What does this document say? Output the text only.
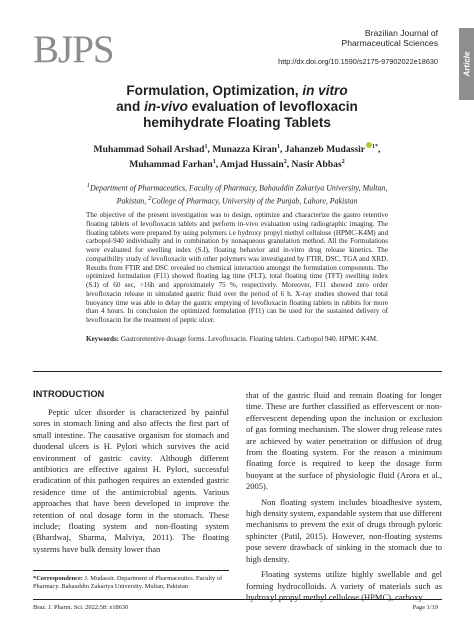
BJPS	Brazilian Journal of
Pharmaceutical Sciences
http://dx.doi.org/10.1590/s2175-97902022e18630	Article
Formulation, Optimization, in vitro
and in-vivo evaluation of levofloxacin
hemihydrate Floating Tablets
Muhammad Sohail Arshad$^1$, Munazza Kiran$^1$, Jahanzeb Mudassir $^{1*}$,
Muhammad Farhan$^1$, Amjad Hussain$^2$, Nasir Abbas$^2$
$^1$Department of Pharmaceutics, Faculty of Pharmacy, Bahauddin Zakariya University, Multan, Pakistan, $^2$College of Pharmacy, University of the Punjab, Lahore, Pakistan
The objective of the present investigation was to design, optimize and characterize the gastro retentive floating tablets of levofloxacin tablets and perform in-vivo evaluation using radiographic imaging. The floating tablets were prepared by using polymers i.e hydroxy propyl methyl cellulose (HPMC-K4M) and carbopol-940 individually and in combination by nonaqueous granulation method. All the Formulations were evaluated for swelling index (S.I), floating behavior and in-vitro drug release kinetics. The compatibility study of levofloxacin with other polymers was investigated by FTIR, DSC, TGA and XRD. Results from FTIR and DSC revealed no chemical interaction amongst the formulation components. The optimized formulation (F11) showed floating lag time (FLT), total floating time (TFT) swelling index (S.I) of 60 sec, >16h and approximately 75 %, respectively. Moreover, F11 showed zero order levofloxacin release in simulated gastric fluid over the period of 6 h. X-ray studies showed that total buoyancy time was able to delay the gastric emptying of levofloxacin floating tablets in rabbits for more than 4 hours. In conclusion the optimized formulation (F11) can be used for the sustained delivery of levofloxacin for the treatment of peptic ulcer.
Keywords: Gastroretentive dosage forms. Levofloxacin. Floating tablets. Carbopol 940. HPMC K4M.
INTRODUCTION

Peptic ulcer disorder is characterized by painful sores in stomach lining and also affects the first part of small intestine. The causative organism for stomach and duodenal ulcers is H. Pylori which survives the acid environment of gastric cavity. Although different antibiotics are effective against H. Pylori, successful eradication of this pathogen requires an extended gastric residence time of the antimicrobial agents. Various approaches that have been developed to improve the retention of oral dosage form in the stomach. These include; floating system and non-floating system (Bhardwaj, Sharma, Malviya, 2011). The floating systems have bulk density lower than

that of the gastric fluid and remain floating for longer time. These are further classified as effervescent or non-effervescent depending upon the inclusion or exclusion of gas forming mechanism. The slower drug release rates are achieved by water penetration or diffusion of drug from the floating system. For the reason a minimum floating force is required to keep the dosage form buoyant at the surface of physiologic fluid (Arora et al., 2005).

Non floating system includes bioadhesive system, high density system, expandable system that use different mechanisms to prevent the exit of drugs through pyloric sphincter (Patil, 2015). However, non-floating systems pose severe drawback of sinking in the stomach due to high density.

Floating systems utilize highly swellable and gel forming hydrocolloids. A variety of materials such as hydroxyl propyl methyl cellulose (HPMC), carboxy

*Correspondence: J. Mudassir. Department of Pharmaceutics. Faculty of Pharmacy. Bahauddin Zakariya University. Multan, Pakistan
Braz. J. Pharm. Sci. 2022;58: e18630	Page 1/19
